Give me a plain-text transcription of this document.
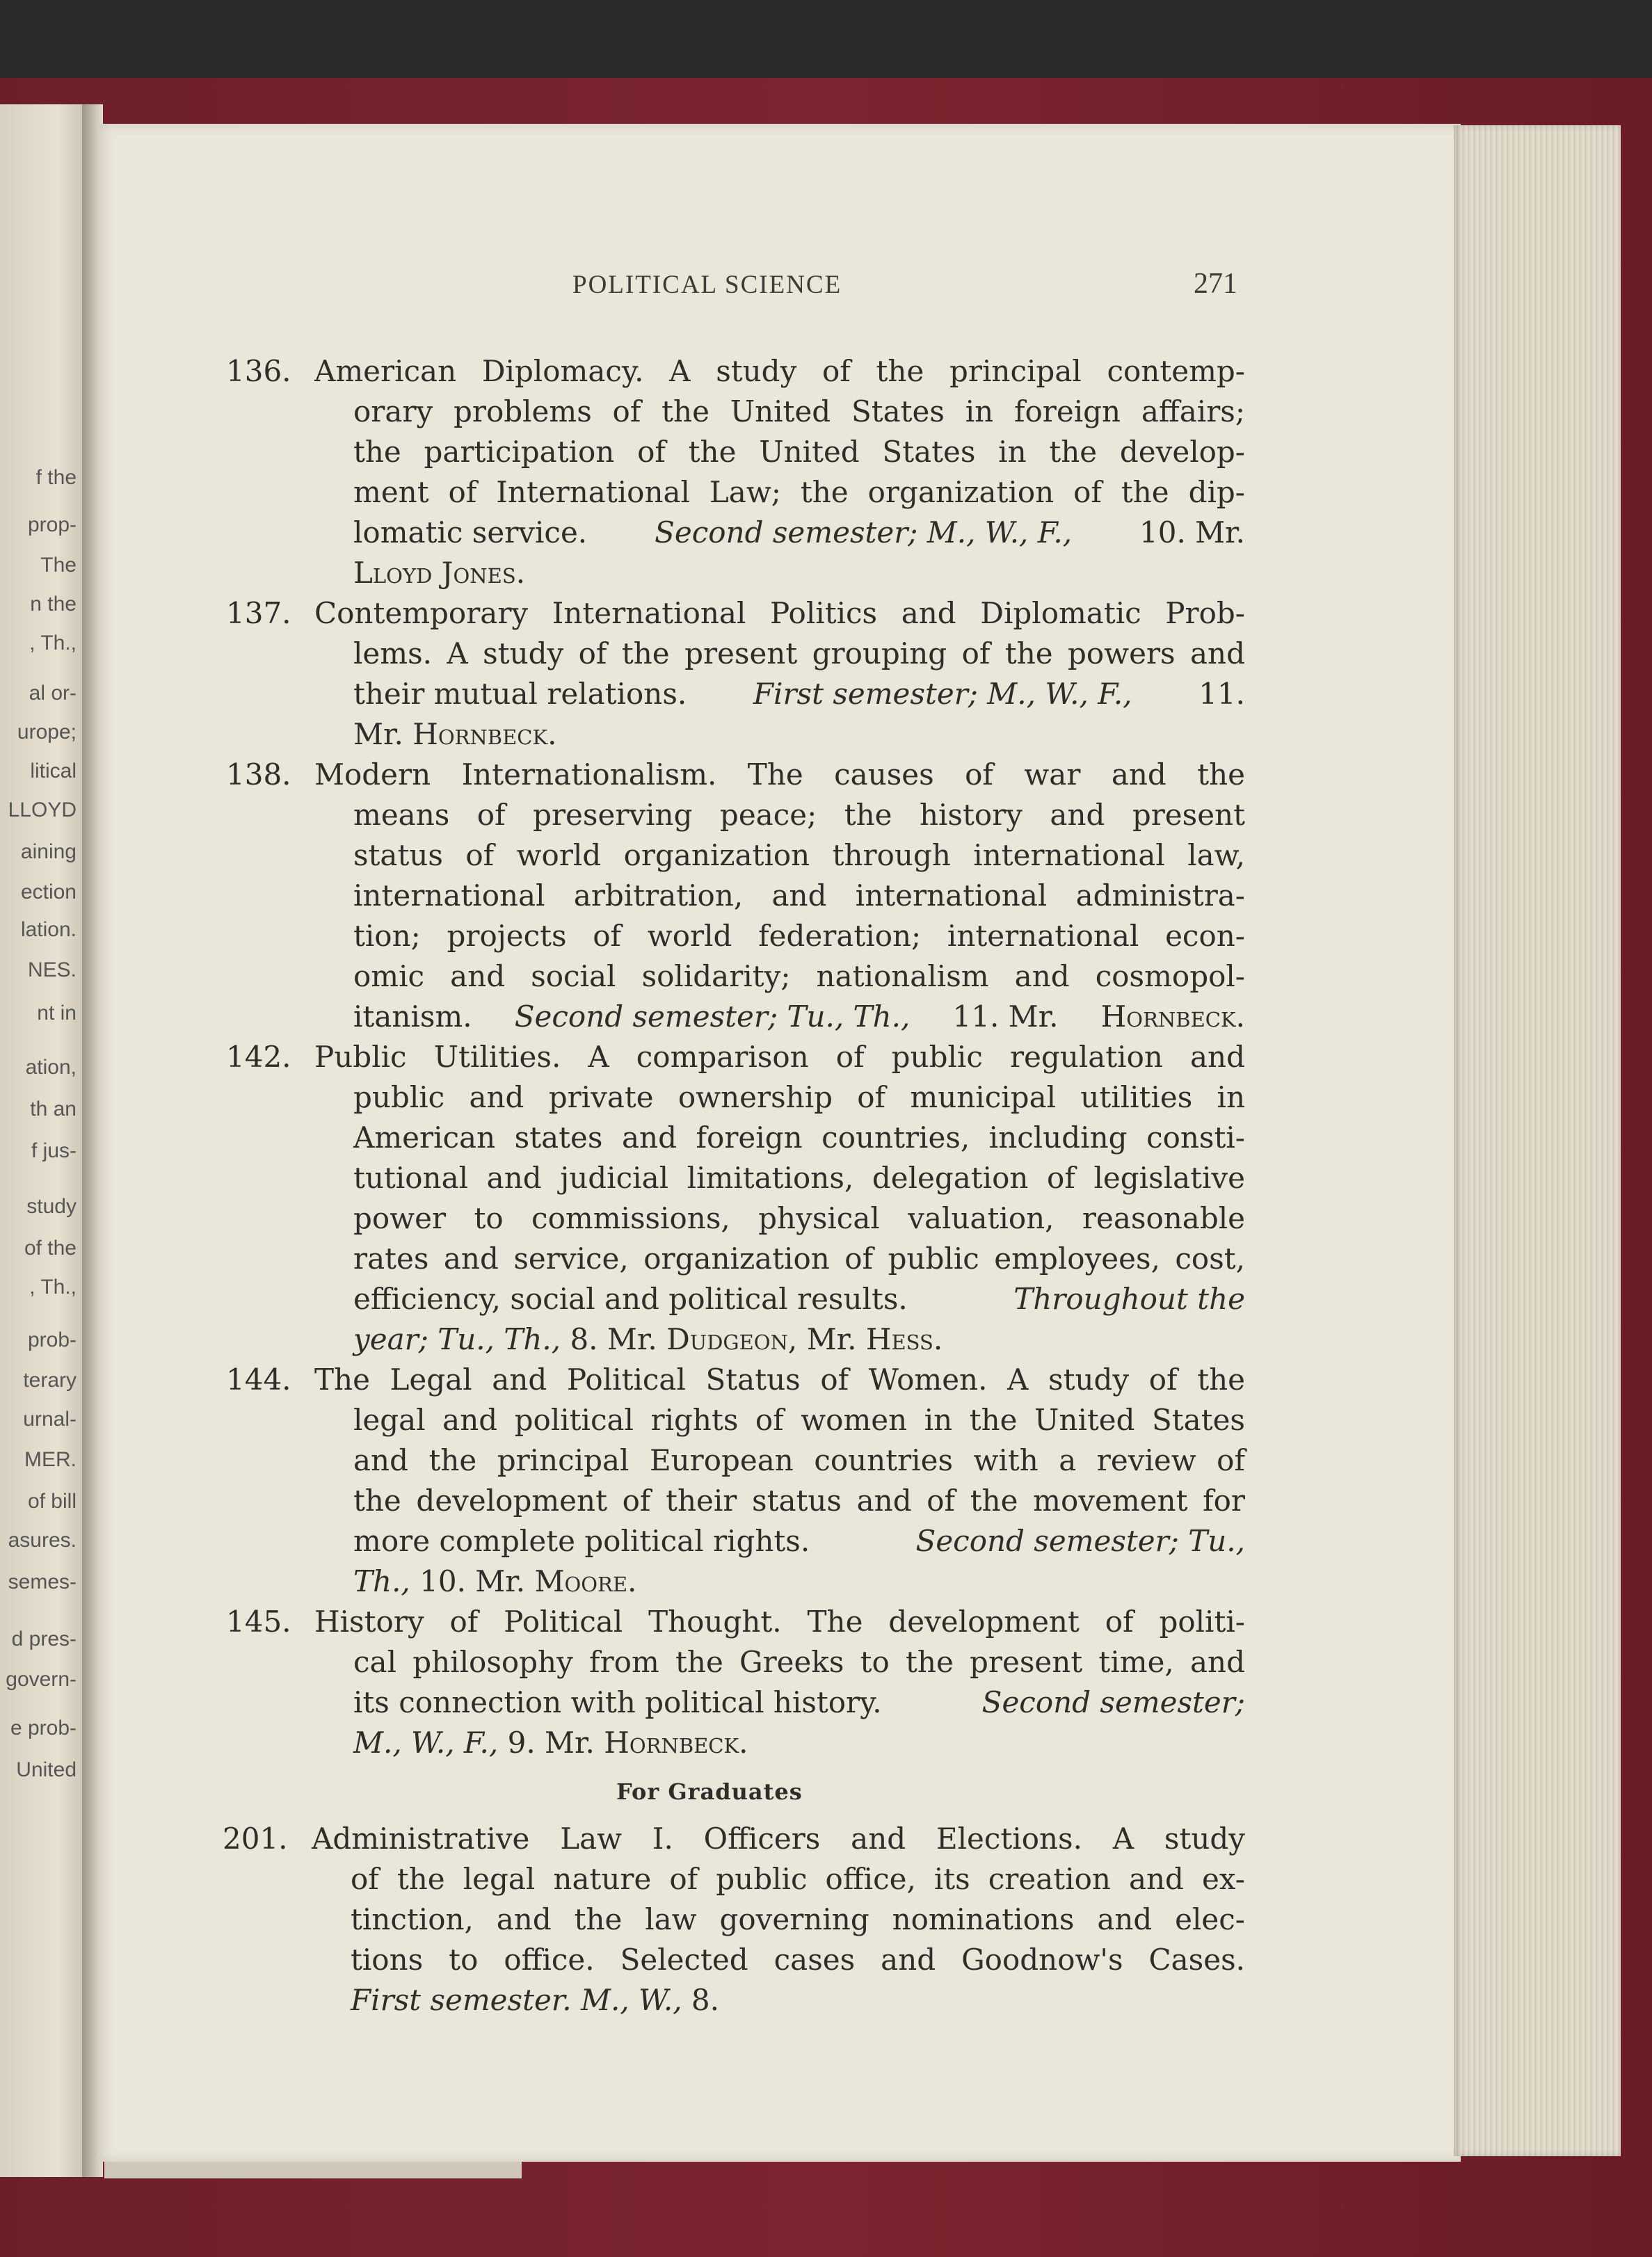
f the
prop-
The
n the
, Th.,
al or-
urope;
litical
LLOYD
aining
ection
lation.
NES.
nt in
ation,
th an
f jus-
study
of the
, Th.,
prob-
terary
urnal-
MER.
of bill
asures.
semes-
d pres-
govern-
e prob-
United
POLITICAL SCIENCE	271
136. American Diplomacy. A study of the principal contemp-
orary problems of the United States in foreign affairs;
the participation of the United States in the develop-
ment of International Law; the organization of the dip-
lomatic service. Second semester; M., W., F., 10. Mr.
Lloyd Jones.
137. Contemporary International Politics and Diplomatic Prob-
lems. A study of the present grouping of the powers and
their mutual relations. First semester; M., W., F., 11.
Mr. Hornbeck.
138. Modern Internationalism. The causes of war and the
means of preserving peace; the history and present
status of world organization through international law,
international arbitration, and international administra-
tion; projects of world federation; international econ-
omic and social solidarity; nationalism and cosmopol-
itanism. Second semester; Tu., Th., 11. Mr. Hornbeck.
142. Public Utilities. A comparison of public regulation and
public and private ownership of municipal utilities in
American states and foreign countries, including consti-
tutional and judicial limitations, delegation of legislative
power to commissions, physical valuation, reasonable
rates and service, organization of public employees, cost,
efficiency, social and political results.	Throughout the
year; Tu., Th., 8. Mr. Dudgeon, Mr. Hess.
144. The Legal and Political Status of Women. A study of the
legal and political rights of women in the United States
and the principal European countries with a review of
the development of their status and of the movement for
more complete political rights.	Second semester; Tu.,
Th., 10. Mr. Moore.
145. History of Political Thought. The development of politi-
cal philosophy from the Greeks to the present time, and
its connection with political history.	Second semester;
M., W., F., 9. Mr. Hornbeck.
For Graduates
201. Administrative Law I. Officers and Elections. A study
of the legal nature of public office, its creation and ex-
tinction, and the law governing nominations and elec-
tions to office. Selected cases and Goodnow's Cases.
First semester. M., W., 8.
